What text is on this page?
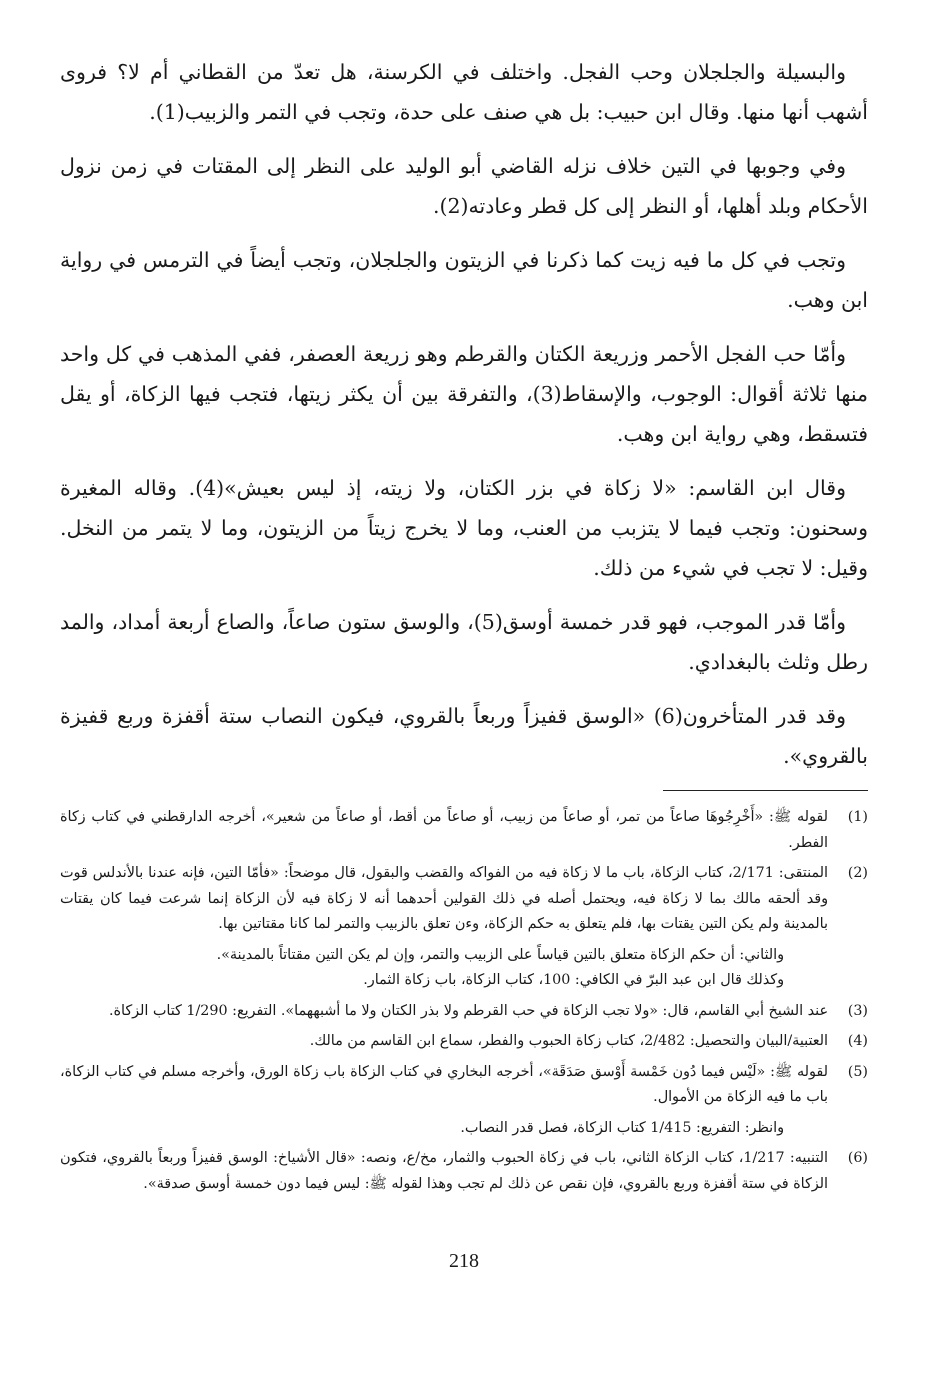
والبسيلة والجلجلان وحب الفجل. واختلف في الكرسنة، هل تعدّ من القطاني أم لا؟ فروى أشهب أنها منها. وقال ابن حبيب: بل هي صنف على حدة، وتجب في التمر والزبيب(1).

وفي وجوبها في التين خلاف نزله القاضي أبو الوليد على النظر إلى المقتات في زمن نزول الأحكام وبلد أهلها، أو النظر إلى كل قطر وعادته(2).

وتجب في كل ما فيه زيت كما ذكرنا في الزيتون والجلجلان، وتجب أيضاً في الترمس في رواية ابن وهب.

وأمّا حب الفجل الأحمر وزريعة الكتان والقرطم وهو زريعة العصفر، ففي المذهب في كل واحد منها ثلاثة أقوال: الوجوب، والإسقاط(3)، والتفرقة بين أن يكثر زيتها، فتجب فيها الزكاة، أو يقل فتسقط، وهي رواية ابن وهب.

وقال ابن القاسم: «لا زكاة في بزر الكتان، ولا زيته، إذ ليس بعيش»(4). وقاله المغيرة وسحنون: وتجب فيما لا يتزبب من العنب، وما لا يخرج زيتاً من الزيتون، وما لا يتمر من النخل. وقيل: لا تجب في شيء من ذلك.

وأمّا قدر الموجب، فهو قدر خمسة أوسق(5)، والوسق ستون صاعاً، والصاع أربعة أمداد، والمد رطل وثلث بالبغدادي.

وقد قدر المتأخرون(6) «الوسق قفيزاً وربعاً بالقروي، فيكون النصاب ستة أقفزة وربع قفيزة بالقروي».

(1)
لقوله ﷺ: «أَخْرِجُوهَا صاعاً من تمر، أو صاعاً من زبيب، أو صاعاً من أقط، أو صاعاً من شعير»، أخرجه الدارقطني في كتاب زكاة الفطر.
(2)
المنتقى: 2/171، كتاب الزكاة، باب ما لا زكاة فيه من الفواكه والقضب والبقول، قال موضحاً: «فأمّا التين، فإنه عندنا بالأندلس قوت وقد ألحقه مالك بما لا زكاة فيه، ويحتمل أصله في ذلك القولين أحدهما أنه لا زكاة فيه لأن الزكاة إنما شرعت فيما كان يقتات بالمدينة ولم يكن التين يقتات بها، فلم يتعلق به حكم الزكاة، وءن تعلق بالزبيب والتمر لما كانا مقتاتين بها.
والثاني: أن حكم الزكاة متعلق بالتين قياساً على الزبيب والتمر، وإن لم يكن التين مقتاتاً بالمدينة».
وكذلك قال ابن عبد البرّ في الكافي: 100، كتاب الزكاة، باب زكاة الثمار.
(3)
عند الشيخ أبي القاسم، قال: «ولا تجب الزكاة في حب القرطم ولا بذر الكتان ولا ما أشبههما». التفريع: 1/290 كتاب الزكاة.
(4)
العتبية/البيان والتحصيل: 2/482، كتاب زكاة الحبوب والفطر، سماع ابن القاسم من مالك.
(5)
لقوله ﷺ: «لَيْس فيما دُون خَمْسة أَوْسق صَدَقَة»، أخرجه البخاري في كتاب الزكاة باب زكاة الورق، وأخرجه مسلم في كتاب الزكاة، باب ما فيه الزكاة من الأموال.
وانظر: التفريع: 1/415 كتاب الزكاة، فصل قدر النصاب.
(6)
التنبيه: 1/217، كتاب الزكاة الثاني، باب في زكاة الحبوب والثمار، مخ/ع، ونصه: «قال الأشياخ: الوسق قفيزاً وربعاً بالقروي، فتكون الزكاة في ستة أقفزة وربع بالقروي، فإن نقص عن ذلك لم تجب وهذا لقوله ﷺ: ليس فيما دون خمسة أوسق صدقة».
218
